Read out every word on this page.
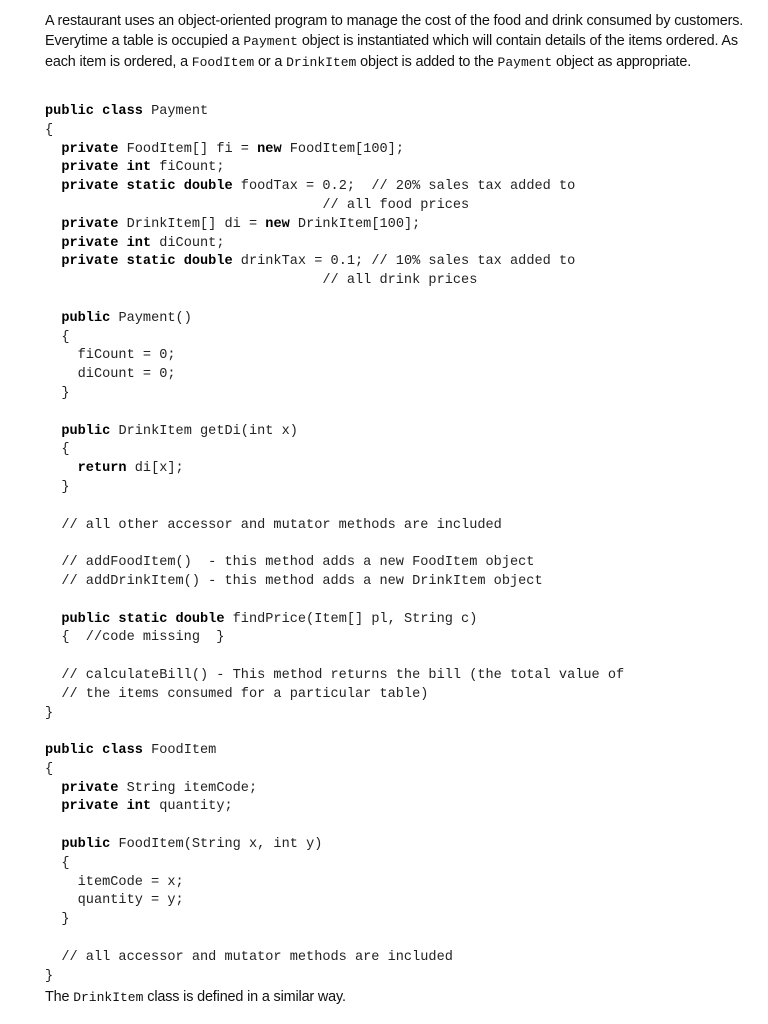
A restaurant uses an object-oriented program to manage the cost of the food and drink consumed by customers. Everytime a table is occupied a Payment object is instantiated which will contain details of the items ordered. As each item is ordered, a FoodItem or a DrinkItem object is added to the Payment object as appropriate.

public class Payment
{
private FoodItem[] fi = new FoodItem[100];
private int fiCount;
private static double foodTax = 0.2;  // 20% sales tax added to
// all food prices
private DrinkItem[] di = new DrinkItem[100];
private int diCount;
private static double drinkTax = 0.1; // 10% sales tax added to
// all drink prices
public Payment()
{
fiCount = 0;
diCount = 0;
}
public DrinkItem getDi(int x)
{
return di[x];
}
// all other accessor and mutator methods are included
// addFoodItem()  - this method adds a new FoodItem object
// addDrinkItem() - this method adds a new DrinkItem object
public static double findPrice(Item[] pl, String c)
{  //code missing  }
// calculateBill() - This method returns the bill (the total value of
// the items consumed for a particular table)
}
public class FoodItem
{
private String itemCode;
private int quantity;
public FoodItem(String x, int y)
{
itemCode = x;
quantity = y;
}
// all accessor and mutator methods are included
}

The DrinkItem class is defined in a similar way.
